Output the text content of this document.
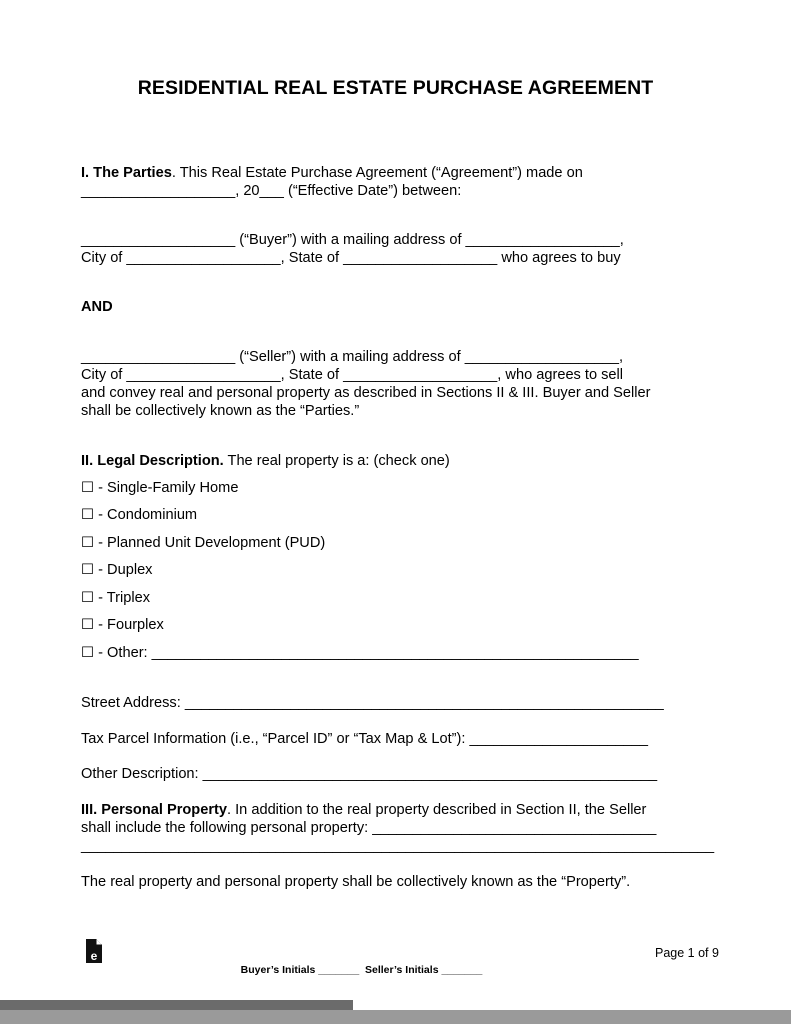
RESIDENTIAL REAL ESTATE PURCHASE AGREEMENT
I. The Parties. This Real Estate Purchase Agreement (“Agreement”) made on
___________________, 20___ (“Effective Date”) between:
___________________ (“Buyer”) with a mailing address of ___________________,
City of ___________________, State of ___________________ who agrees to buy
AND
___________________ (“Seller”) with a mailing address of ___________________,
City of ___________________, State of ___________________, who agrees to sell
and convey real and personal property as described in Sections II & III. Buyer and Seller
shall be collectively known as the “Parties.”
II. Legal Description. The real property is a: (check one)
☐ - Single-Family Home
☐ - Condominium
☐ - Planned Unit Development (PUD)
☐ - Duplex
☐ - Triplex
☐ - Fourplex
☐ - Other: ____________________________________________________________
Street Address: ___________________________________________________________
Tax Parcel Information (i.e., “Parcel ID” or “Tax Map & Lot”): ______________________
Other Description: ________________________________________________________
III. Personal Property. In addition to the real property described in Section II, the Seller
shall include the following personal property: ___________________________________
______________________________________________________________________________
The real property and personal property shall be collectively known as the “Property”.
e	Page 1 of 9
Buyer’s Initials _______  Seller’s Initials _______
